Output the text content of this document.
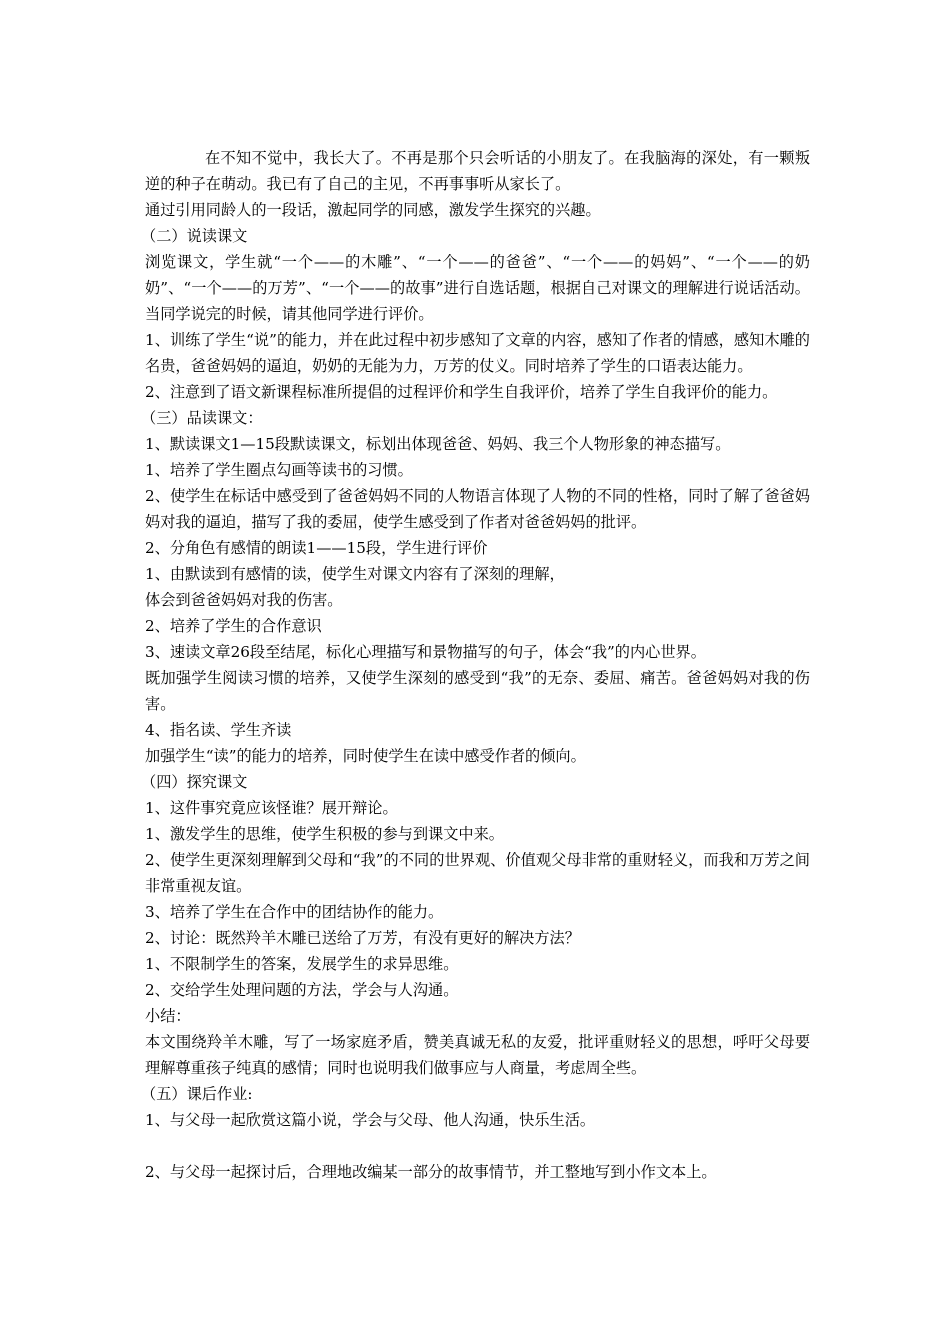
在不知不觉中，我长大了。不再是那个只会听话的小朋友了。在我脑海的深处，有一颗叛逆的种子在萌动。我已有了自己的主见，不再事事听从家长了。

通过引用同龄人的一段话，激起同学的同感，激发学生探究的兴趣。

（二）说读课文

浏览课文，学生就“一个——的木雕”、“一个——的爸爸”、“一个——的妈妈”、“一个——的奶奶”、“一个——的万芳”、“一个——的故事”进行自选话题，根据自己对课文的理解进行说话活动。当同学说完的时候，请其他同学进行评价。

1、训练了学生“说”的能力，并在此过程中初步感知了文章的内容，感知了作者的情感，感知木雕的名贵，爸爸妈妈的逼迫，奶奶的无能为力，万芳的仗义。同时培养了学生的口语表达能力。

2、注意到了语文新课程标准所提倡的过程评价和学生自我评价，培养了学生自我评价的能力。

（三）品读课文：

1、默读课文1—15段默读课文，标划出体现爸爸、妈妈、我三个人物形象的神态描写。

1、培养了学生圈点勾画等读书的习惯。

2、使学生在标话中感受到了爸爸妈妈不同的人物语言体现了人物的不同的性格，同时了解了爸爸妈妈对我的逼迫，描写了我的委屈，使学生感受到了作者对爸爸妈妈的批评。

2、分角色有感情的朗读1——15段，学生进行评价

1、由默读到有感情的读，使学生对课文内容有了深刻的理解，

体会到爸爸妈妈对我的伤害。

2、培养了学生的合作意识

3、速读文章26段至结尾，标化心理描写和景物描写的句子，体会“我”的内心世界。

既加强学生阅读习惯的培养，又使学生深刻的感受到“我”的无奈、委屈、痛苦。爸爸妈妈对我的伤害。

4、指名读、学生齐读

加强学生“读”的能力的培养，同时使学生在读中感受作者的倾向。

（四）探究课文

1、这件事究竟应该怪谁？展开辩论。

1、激发学生的思维，使学生积极的参与到课文中来。

2、使学生更深刻理解到父母和“我”的不同的世界观、价值观父母非常的重财轻义，而我和万芳之间非常重视友谊。

3、培养了学生在合作中的团结协作的能力。

2、讨论：既然羚羊木雕已送给了万芳，有没有更好的解决方法？

1、不限制学生的答案，发展学生的求异思维。

2、交给学生处理问题的方法，学会与人沟通。

小结：

本文围绕羚羊木雕，写了一场家庭矛盾，赞美真诚无私的友爱，批评重财轻义的思想，呼吁父母要理解尊重孩子纯真的感情；同时也说明我们做事应与人商量，考虑周全些。

（五）课后作业:

1、与父母一起欣赏这篇小说，学会与父母、他人沟通，快乐生活。

2、与父母一起探讨后，合理地改编某一部分的故事情节，并工整地写到小作文本上。
